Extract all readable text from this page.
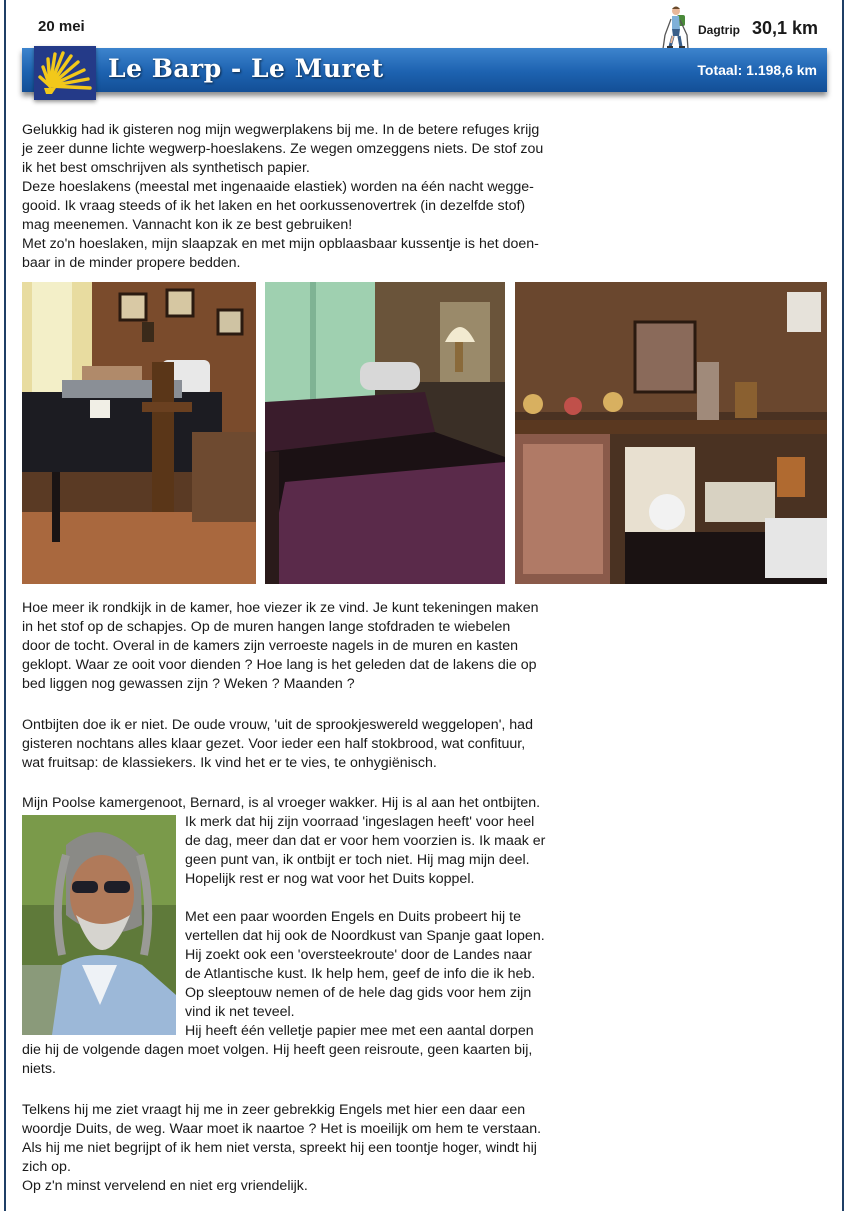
20 mei	Dagtrip 30,1 km
Le Barp - Le Muret	Totaal: 1.198,6 km

Gelukkig had ik gisteren nog mijn wegwerplakens bij me. In de betere refuges krijg
je zeer dunne lichte wegwerp-hoeslakens. Ze wegen omzeggens niets. De stof zou
ik het best omschrijven als synthetisch papier.
Deze hoeslakens (meestal met ingenaaide elastiek) worden na één nacht wegge-
gooid. Ik vraag steeds of ik het laken en het oorkussenovertrek (in dezelfde stof)
mag meenemen. Vannacht kon ik ze best gebruiken!
Met zo'n hoeslaken, mijn slaapzak en met mijn opblaasbaar kussentje is het doen-
baar in de minder propere bedden.

Hoe meer ik rondkijk in de kamer, hoe viezer ik ze vind. Je kunt tekeningen maken
in het stof op de schapjes. Op de muren hangen lange stofdraden te wiebelen
door de tocht. Overal in de kamers zijn verroeste nagels in de muren en kasten
geklopt. Waar ze ooit voor dienden ? Hoe lang is het geleden dat de lakens die op
bed liggen nog gewassen zijn ? Weken ? Maanden ?

Ontbijten doe ik er niet. De oude vrouw, 'uit de sprookjeswereld weggelopen', had
gisteren nochtans alles klaar gezet. Voor ieder een half stokbrood, wat confituur,
wat fruitsap: de klassiekers. Ik vind het er te vies, te onhygiënisch.

Mijn Poolse kamergenoot, Bernard, is al vroeger wakker. Hij is al aan het ontbijten.

Ik merk dat hij zijn voorraad 'ingeslagen heeft' voor heel
de dag, meer dan dat er voor hem voorzien is. Ik maak er
geen punt van, ik ontbijt er toch niet. Hij mag mijn deel.
Hopelijk rest er nog wat voor het Duits koppel.

Met een paar woorden Engels en Duits probeert hij te
vertellen dat hij ook de Noordkust van Spanje gaat lopen.
Hij zoekt ook een 'oversteekroute' door de Landes naar
de Atlantische kust. Ik help hem, geef de info die ik heb.
Op sleeptouw nemen of de hele dag gids voor hem zijn
vind ik net teveel.
Hij heeft één velletje papier mee met een aantal dorpen
die hij de volgende dagen moet volgen. Hij heeft geen reisroute, geen kaarten bij,
niets.

Telkens hij me ziet vraagt hij me in zeer gebrekkig Engels met hier een daar een
woordje Duits, de weg. Waar moet ik naartoe ? Het is moeilijk om hem te verstaan.
Als hij me niet begrijpt of ik hem niet versta, spreekt hij een toontje hoger, windt hij
zich op.
Op z'n minst vervelend en niet erg vriendelijk.
